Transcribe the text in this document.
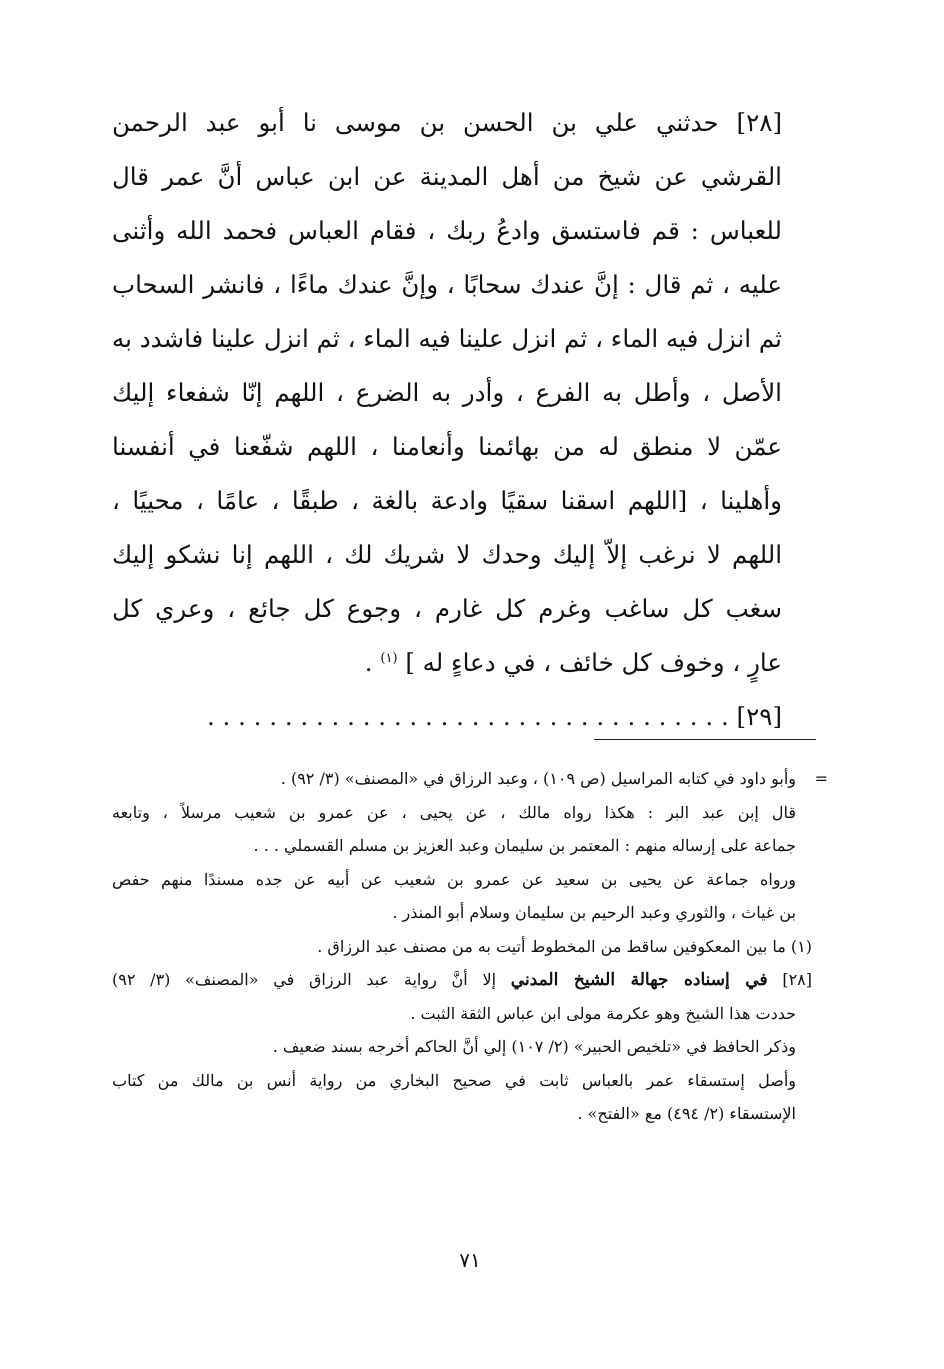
[٢٨] حدثني علي بن الحسن بن موسى نا أبو عبد الرحمن
القرشي عن شيخ من أهل المدينة عن ابن عباس أنَّ عمر قال
للعباس : قم فاستسق وادعُ ربك ، فقام العباس فحمد الله وأثنى
عليه ، ثم قال : إنَّ عندك سحابًا ، وإنَّ عندك ماءًا ، فانشر السحاب
ثم انزل فيه الماء ، ثم انزل علينا فيه الماء ، ثم انزل علينا فاشدد به
الأصل ، وأطل به الفرع ، وأدر به الضرع ، اللهم إنّا شفعاء إليك
عمّن لا منطق له من بهائمنا وأنعامنا ، اللهم شفّعنا في أنفسنا
وأهلينا ، [اللهم اسقنا سقيًا وادعة بالغة ، طبقًا ، عامًا ، محييًا ،
اللهم لا نرغب إلاّ إليك وحدك لا شريك لك ، اللهم إنا نشكو إليك
سغب كل ساغب وغرم كل غارم ، وجوع كل جائع ، وعري كل
عارٍ ، وخوف كل خائف ، في دعاءٍ له ] $^{(١)}$ .
[٢٩] . . . . . . . . . . . . . . . . . . . . . . . . . . . . . . . . . .
=
وأبو داود في كتابه المراسيل (ص ١٠٩) ، وعبد الرزاق في «المصنف» (٣/ ٩٢) .
قال إبن عبد البر : هكذا رواه مالك ، عن يحيى ، عن عمرو بن شعيب مرسلاً ، وتابعه
جماعة على إرساله منهم : المعتمر بن سليمان وعبد العزيز بن مسلم القسملي . . .
ورواه جماعة عن يحيى بن سعيد عن عمرو بن شعيب عن أبيه عن جده مسندًا منهم حفص
بن غياث ، والثوري وعبد الرحيم بن سليمان وسلام أبو المنذر .
(١) ما بين المعكوفين ساقط من المخطوط أتيت به من مصنف عبد الرزاق .
[٢٨] في إسناده جهالة الشيخ المدني إلا أنَّ رواية عبد الرزاق في «المصنف» (٣/ ٩٢)
حددت هذا الشيخ وهو عكرمة مولى ابن عباس الثقة الثبت .
وذكر الحافظ في «تلخيص الحبير» (٢/ ١٠٧) إلي أنَّ الحاكم أخرجه بسند ضعيف .
وأصل إستسقاء عمر بالعباس ثابت في صحيح البخاري من رواية أنس بن مالك من كتاب
الإستسقاء (٢/ ٤٩٤) مع «الفتح» .
٧١
